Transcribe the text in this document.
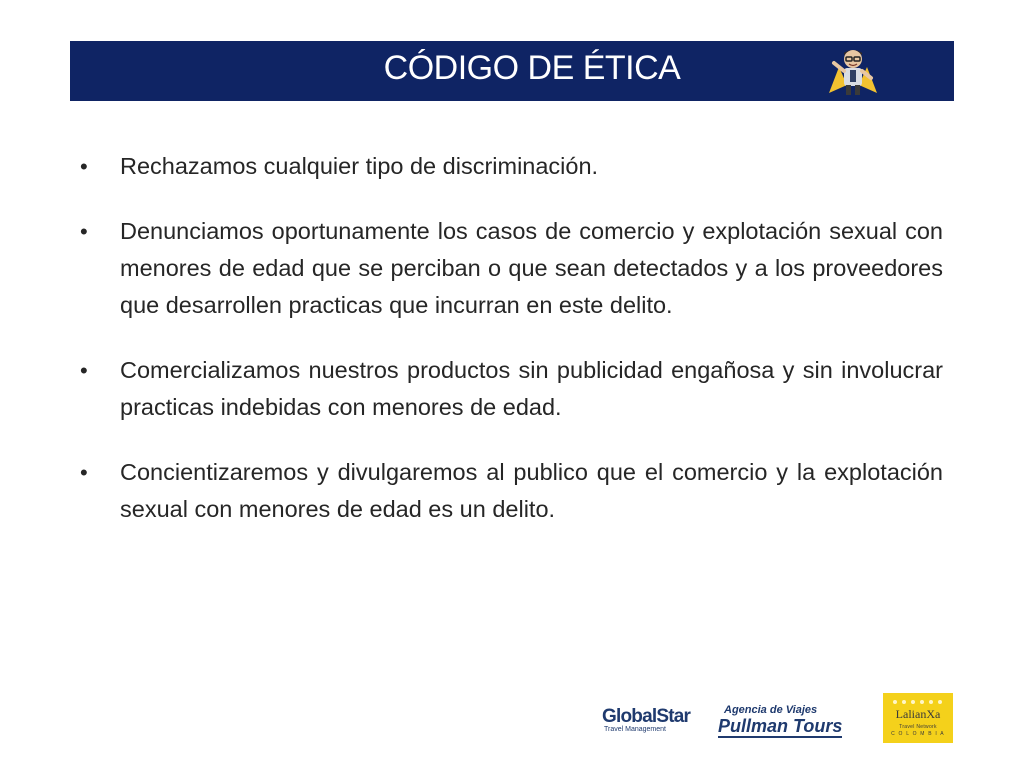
CÓDIGO DE ÉTICA
• Rechazamos cualquier tipo de discriminación.
• Denunciamos oportunamente los casos de comercio y explotación sexual con menores de edad que se perciban o que sean detectados y a los proveedores que desarrollen practicas que incurran en este delito.
• Comercializamos nuestros productos sin publicidad engañosa y sin involucrar practicas indebidas con menores de edad.
• Concientizaremos y divulgaremos al publico que el comercio y la explotación sexual con menores de edad es un delito.
GlobalStar
Travel Management
Agencia de Viajes
Pullman Tours
LalianXa
Travel Network
C O L O M B I A
